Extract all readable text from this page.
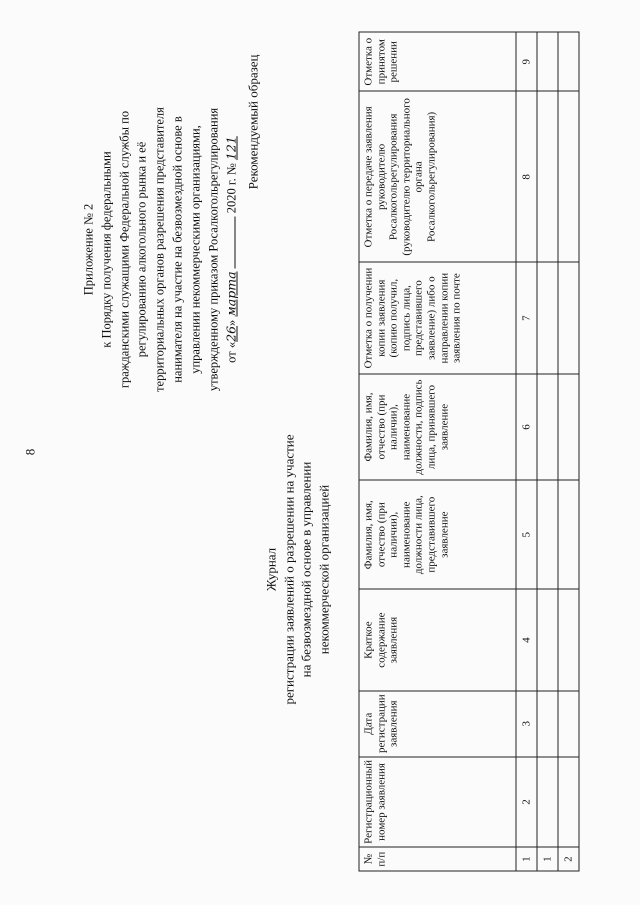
8
Приложение № 2 к Порядку получения федеральными гражданскими служащими Федеральной службы по регулированию алкогольного рынка и её территориальных органов разрешения представителя нанимателя на участие на безвозмездной основе в управлении некоммерческими организациями, утвержденному приказом Росалкогольрегулирования от «26» марта  2020 г. № 121 Рекомендуемый образец
Журнал регистрации заявлений о разрешении на участие на безвозмездной основе в управлении некоммерческой организацией
№ п/п	Регистрационный номер заявления	Дата регистрации заявления	Краткое содержание заявления	Фамилия, имя, отчество (при наличии), наименование должности лица, представившего заявление	Фамилия, имя, отчество (при наличии), наименование должности, подпись лица, принявшего заявление	Отметка о получении копии заявления (копию получил, подпись лица, представившего заявление) либо о направлении копии заявления по почте	Отметка о передаче заявления руководителю Росалкогольрегулирования (руководителю территориального органа Росалкогольрегулирования)	Отметка о принятом решении
1	2	3	4	5	6	7	8	9
1								
2								
